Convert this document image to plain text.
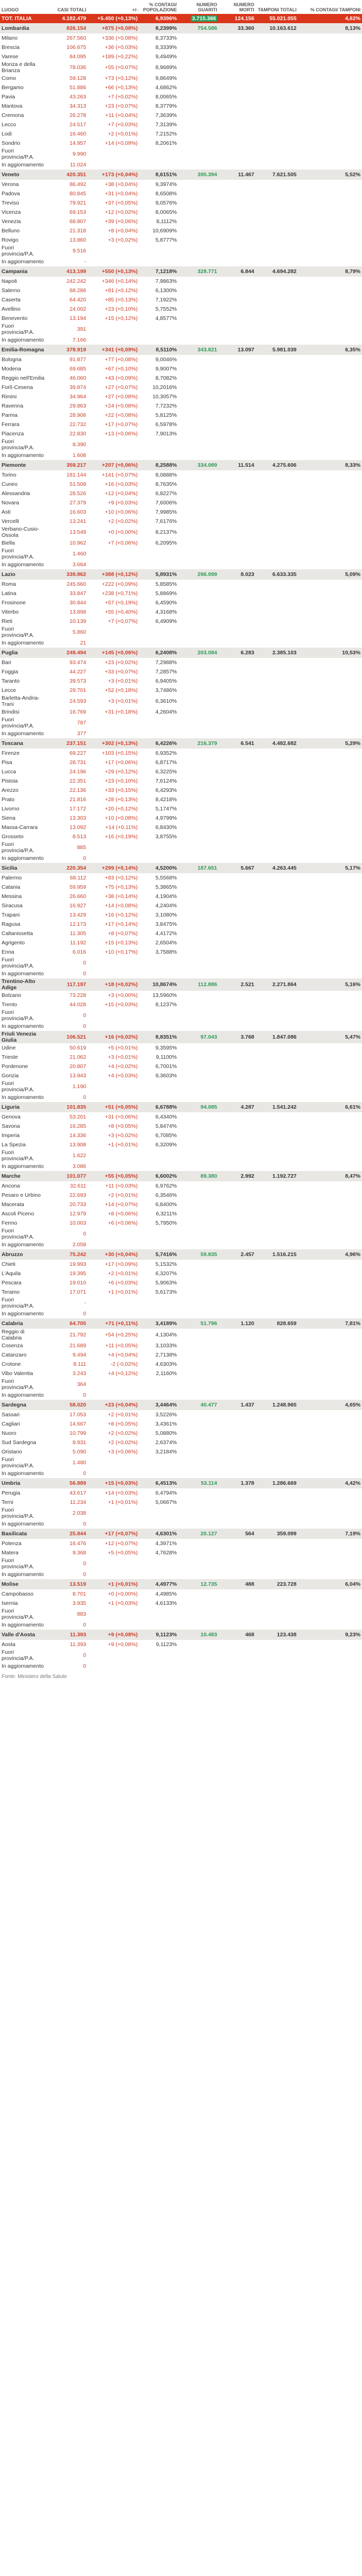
LUOGO	CASI TOTALI	+/-	% CONTAGI/ POPOLAZIONE	NUMERO GUARITI	NUMERO MORTI	TAMPONI TOTALI	% CONTAGI/ TAMPONI
TOT. ITALIA	4.182.479	+5.450 (+0,13%)	6,9396%	3.715.366	124.156	55.021.055	4,62%
Lombardia	826.154	+875 (+0,08%)	8,2399%	754.586	33.360	10.163.612	8,13%
Milano	267.560	+336 (+0,08%)	8,3733%				
Brescia	106.675	+36 (+0,03%)	8,3339%				
Varese	84.095	+189 (+0,22%)	9,4949%				
Monza e della Brianza	78.036	+55 (+0,07%)	8,9689%				
Como	59.128	+73 (+0,12%)	9,8649%				
Bergamo	51.886	+66 (+0,13%)	4,6862%				
Pavia	43.263	+7 (+0,02%)	8,0065%				
Mantova	34.313	+23 (+0,07%)	8,3779%				
Cremona	26.278	+11 (+0,04%)	7,3639%				
Lecco	24.517	+7 (+0,03%)	7,3139%				
Lodi	16.460	+2 (+0,01%)	7,2152%				
Sondrio	14.957	+14 (+0,09%)	8,2061%				
Fuori provincia/P.A.	9.990						
In aggiornamento	11.024						
Veneto	420.351	+173 (+0,04%)	8,6151%	395.394	11.467	7.621.505	5,52%
Verona	86.492	+38 (+0,04%)	9,3974%				
Padova	80.845	+31 (+0,04%)	8,6508%				
Treviso	79.921	+37 (+0,05%)	9,0576%				
Vicenza	69.153	+12 (+0,02%)	8,0065%				
Venezia	68.807	+39 (+0,06%)	8,1112%				
Belluno	21.318	+8 (+0,04%)	10,6909%				
Rovigo	13.860	+3 (+0,02%)	5,8777%				
Fuori provincia/P.A.	9.516						
In aggiornamento	-						
Campania	413.199	+550 (+0,13%)	7,1218%	328.771	6.844	4.694.282	8,79%
Napoli	242.242	+346 (+0,14%)	7,9863%				
Salerno	68.286	+81 (+0,12%)	6,1300%				
Caserta	64.420	+85 (+0,13%)	7,1922%				
Avellino	24.002	+23 (+0,10%)	5,7552%				
Benevento	13.194	+15 (+0,12%)	4,8577%				
Fuori provincia/P.A.	391						
In aggiornamento	7.166						
Emilia-Romagna	378.919	+341 (+0,09%)	8,5110%	343.821	13.097	5.981.039	6,35%
Bologna	91.877	+77 (+0,08%)	9,0046%				
Modena	69.685	+67 (+0,10%)	9,9007%				
Reggio nell'Emilia	46.060	+43 (+0,09%)	8,7082%				
Forlì-Cesena	39.874	+27 (+0,07%)	10,2016%				
Rimini	34.964	+27 (+0,08%)	10,3057%				
Ravenna	29.863	+24 (+0,08%)	7,7232%				
Parma	28.906	+22 (+0,08%)	5,8125%				
Ferrara	22.732	+17 (+0,07%)	6,5978%				
Piacenza	22.830	+13 (+0,06%)	7,9013%				
Fuori provincia/P.A.	8.390						
In aggiornamento	1.608						
Piemonte	359.217	+207 (+0,06%)	8,2588%	334.089	11.514	4.275.606	8,33%
Torino	181.144	+141 (+0,07%)	8,0888%				
Cuneo	51.508	+16 (+0,03%)	8,7635%				
Alessandria	28.526	+12 (+0,04%)	6,8227%				
Novara	27.379	+9 (+0,03%)	7,6006%				
Asti	16.603	+10 (+0,06%)	7,9985%				
Vercelli	13.241	+2 (+0,02%)	7,6176%				
Verbano-Cusio-Ossola	13.549	+0 (+0,00%)	8,2137%				
Biella	10.962	+7 (+0,06%)	6,2095%				
Fuori provincia/P.A.	1.460						
In aggiornamento	3.664						
Lazio	339.862	+388 (+0,12%)	5,8931%	296.099	8.023	6.633.335	5,09%
Roma	245.660	+222 (+0,09%)	5,8585%				
Latina	33.847	+238 (+0,71%)	5,8869%				
Frosinone	30.844	+57 (+0,19%)	6,4590%				
Viterbo	13.898	+55 (+0,40%)	4,3168%				
Rieti	10.139	+7 (+0,07%)	6,4909%				
Fuori provincia/P.A.	5.860						
In aggiornamento	21						
Puglia	249.494	+145 (+0,06%)	6,2408%	203.084	6.283	2.385.103	10,53%
Bari	93.474	+23 (+0,02%)	7,2988%				
Foggia	44.227	+33 (+0,07%)	7,2857%				
Taranto	39.573	+3 (+0,01%)	6,9405%				
Lecce	29.701	+52 (+0,18%)	3,7486%				
Barletta-Andria-Trani	24.593	+3 (+0,01%)	6,3610%				
Brindisi	16.769	+31 (+0,18%)	4,2604%				
Fuori provincia/P.A.	787						
In aggiornamento	377						
Toscana	237.151	+302 (+0,13%)	6,4226%	216.379	6.541	4.482.682	5,29%
Firenze	69.227	+103 (+0,15%)	6,9352%				
Pisa	28.731	+17 (+0,06%)	6,8717%				
Lucca	24.196	+29 (+0,12%)	6,3225%				
Pistoia	22.351	+23 (+0,10%)	7,6124%				
Arezzo	22.136	+33 (+0,15%)	6,4293%				
Prato	21.816	+28 (+0,13%)	8,4218%				
Livorno	17.172	+20 (+0,12%)	5,1747%				
Siena	13.303	+10 (+0,08%)	4,9799%				
Massa-Carrara	13.092	+14 (+0,11%)	6,8430%				
Grosseto	8.513	+16 (+0,19%)	3,8755%				
Fuori provincia/P.A.	885						
In aggiornamento	0						
Sicilia	220.354	+299 (+0,14%)	4,5200%	187.651	5.667	4.263.445	5,17%
Palermo	68.112	+83 (+0,12%)	5,5568%				
Catania	59.959	+75 (+0,13%)	5,3865%				
Messina	26.660	+38 (+0,14%)	4,1904%				
Siracusa	16.927	+14 (+0,08%)	4,2404%				
Trapani	13.429	+16 (+0,12%)	3,1080%				
Ragusa	12.173	+17 (+0,14%)	3,8475%				
Caltanissetta	11.305	+8 (+0,07%)	4,4172%				
Agrigento	11.192	+15 (+0,13%)	2,6504%				
Enna	6.016	+10 (+0,17%)	3,7588%				
Fuori provincia/P.A.	0						
In aggiornamento	0						
Trentino-Alto Adige	117.197	+18 (+0,02%)	10,8674%	112.886	2.521	2.271.864	5,16%
Bolzano	73.228	+3 (+0,00%)	13,5960%				
Trento	44.028	+15 (+0,03%)	8,1237%				
Fuori provincia/P.A.	0						
In aggiornamento	0						
Friuli Venezia Giulia	106.521	+16 (+0,02%)	8,8351%	97.043	3.768	1.847.086	5,47%
Udine	50.619	+5 (+0,01%)	9,3595%				
Trieste	21.062	+3 (+0,01%)	9,1100%				
Pordenone	20.807	+4 (+0,02%)	6,7001%				
Gorizia	13.943	+4 (+0,03%)	9,3603%				
Fuori provincia/P.A.	1.190						
In aggiornamento	0						
Liguria	101.835	+51 (+0,05%)	6,6788%	94.085	4.287	1.541.242	6,61%
Genova	53.201	+31 (+0,06%)	6,4340%				
Savona	16.285	+8 (+0,05%)	5,8474%				
Imperia	14.336	+3 (+0,02%)	6,7085%				
La Spezia	13.908	+1 (+0,01%)	6,3209%				
Fuori provincia/P.A.	1.622						
In aggiornamento	3.086						
Marche	101.077	+55 (+0,05%)	6,6002%	89.380	2.992	1.192.727	8,47%
Ancona	32.611	+11 (+0,03%)	6,9762%				
Pesaro e Urbino	22.693	+2 (+0,01%)	6,3546%				
Macerata	20.733	+14 (+0,07%)	6,8400%				
Ascoli Piceno	12.979	+8 (+0,06%)	6,3211%				
Fermo	10.003	+6 (+0,06%)	5,7950%				
Fuori provincia/P.A.	0						
In aggiornamento	2.058						
Abruzzo	75.242	+30 (+0,04%)	5,7416%	59.835	2.457	1.516.215	4,96%
Chieti	19.993	+17 (+0,09%)	5,1532%				
L'Aquila	19.395	+2 (+0,01%)	6,3207%				
Pescara	19.010	+6 (+0,03%)	5,9063%				
Teramo	17.071	+1 (+0,01%)	5,6173%				
Fuori provincia/P.A.	-						
In aggiornamento	0						
Calabria	64.705	+71 (+0,11%)	3,4189%	51.796	1.120	828.659	7,81%
Reggio di Calabria	21.792	+54 (+0,25%)	4,1304%				
Cosenza	21.689	+11 (+0,05%)	3,1033%				
Catanzaro	9.494	+4 (+0,04%)	2,7138%				
Crotone	8.111	-2 (-0,02%)	4,6303%				
Vibo Valentia	3.243	+4 (+0,12%)	2,1160%				
Fuori provincia/P.A.	364						
In aggiornamento	0						
Sardegna	58.020	+23 (+0,04%)	3,4464%	40.477	1.437	1.248.965	4,65%
Sassari	17.053	+2 (+0,01%)	3,5226%				
Cagliari	14.667	+8 (+0,05%)	3,4361%				
Nuoro	10.799	+2 (+0,02%)	5,0880%				
Sud Sardegna	8.931	+2 (+0,02%)	2,6374%				
Oristano	5.090	+3 (+0,06%)	3,2184%				
Fuori provincia/P.A.	1.480						
In aggiornamento	0						
Umbria	56.889	+15 (+0,03%)	6,4513%	53.114	1.378	1.286.669	4,42%
Perugia	43.617	+14 (+0,03%)	6,4794%				
Terni	11.234	+1 (+0,01%)	5,0667%				
Fuori provincia/P.A.	2.038						
In aggiornamento	0						
Basilicata	25.844	+17 (+0,07%)	4,6301%	20.127	564	359.099	7,19%
Potenza	16.476	+12 (+0,07%)	4,3971%				
Matera	9.368	+5 (+0,05%)	4,7628%				
Fuori provincia/P.A.	0						
In aggiornamento	0						
Molise	13.519	+1 (+0,01%)	4,4977%	12.735	488	223.728	6,04%
Campobasso	8.701	+0 (+0,00%)	4,4985%				
Isernia	3.935	+1 (+0,03%)	4,6133%				
Fuori provincia/P.A.	883						
In aggiornamento	0						
Valle d'Aosta	11.393	+9 (+0,08%)	9,1123%	10.483	468	123.438	9,23%
Aosta	11.393	+9 (+0,08%)	9,1123%				
Fuori provincia/P.A.	0						
In aggiornamento	0						
Fonte: Ministero della Salute
